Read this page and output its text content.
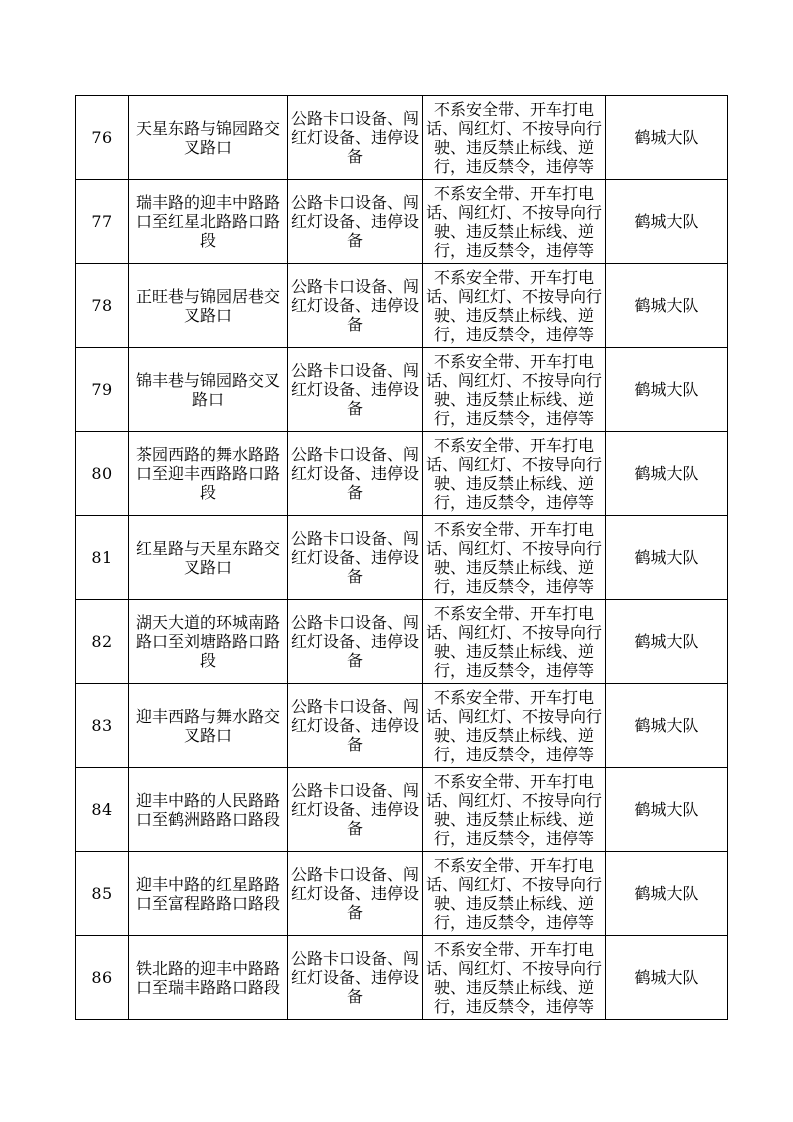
76	天星东路与锦园路交叉路口	公路卡口设备、闯红灯设备、违停设备	不系安全带、开车打电话、闯红灯、不按导向行驶、违反禁止标线、逆行，违反禁令，违停等	鹤城大队
77	瑞丰路的迎丰中路路口至红星北路路口路段	公路卡口设备、闯红灯设备、违停设备	不系安全带、开车打电话、闯红灯、不按导向行驶、违反禁止标线、逆行，违反禁令，违停等	鹤城大队
78	正旺巷与锦园居巷交叉路口	公路卡口设备、闯红灯设备、违停设备	不系安全带、开车打电话、闯红灯、不按导向行驶、违反禁止标线、逆行，违反禁令，违停等	鹤城大队
79	锦丰巷与锦园路交叉路口	公路卡口设备、闯红灯设备、违停设备	不系安全带、开车打电话、闯红灯、不按导向行驶、违反禁止标线、逆行，违反禁令，违停等	鹤城大队
80	茶园西路的舞水路路口至迎丰西路路口路段	公路卡口设备、闯红灯设备、违停设备	不系安全带、开车打电话、闯红灯、不按导向行驶、违反禁止标线、逆行，违反禁令，违停等	鹤城大队
81	红星路与天星东路交叉路口	公路卡口设备、闯红灯设备、违停设备	不系安全带、开车打电话、闯红灯、不按导向行驶、违反禁止标线、逆行，违反禁令，违停等	鹤城大队
82	湖天大道的环城南路路口至刘塘路路口路段	公路卡口设备、闯红灯设备、违停设备	不系安全带、开车打电话、闯红灯、不按导向行驶、违反禁止标线、逆行，违反禁令，违停等	鹤城大队
83	迎丰西路与舞水路交叉路口	公路卡口设备、闯红灯设备、违停设备	不系安全带、开车打电话、闯红灯、不按导向行驶、违反禁止标线、逆行，违反禁令，违停等	鹤城大队
84	迎丰中路的人民路路口至鹤洲路路口路段	公路卡口设备、闯红灯设备、违停设备	不系安全带、开车打电话、闯红灯、不按导向行驶、违反禁止标线、逆行，违反禁令，违停等	鹤城大队
85	迎丰中路的红星路路口至富程路路口路段	公路卡口设备、闯红灯设备、违停设备	不系安全带、开车打电话、闯红灯、不按导向行驶、违反禁止标线、逆行，违反禁令，违停等	鹤城大队
86	铁北路的迎丰中路路口至瑞丰路路口路段	公路卡口设备、闯红灯设备、违停设备	不系安全带、开车打电话、闯红灯、不按导向行驶、违反禁止标线、逆行，违反禁令，违停等	鹤城大队
